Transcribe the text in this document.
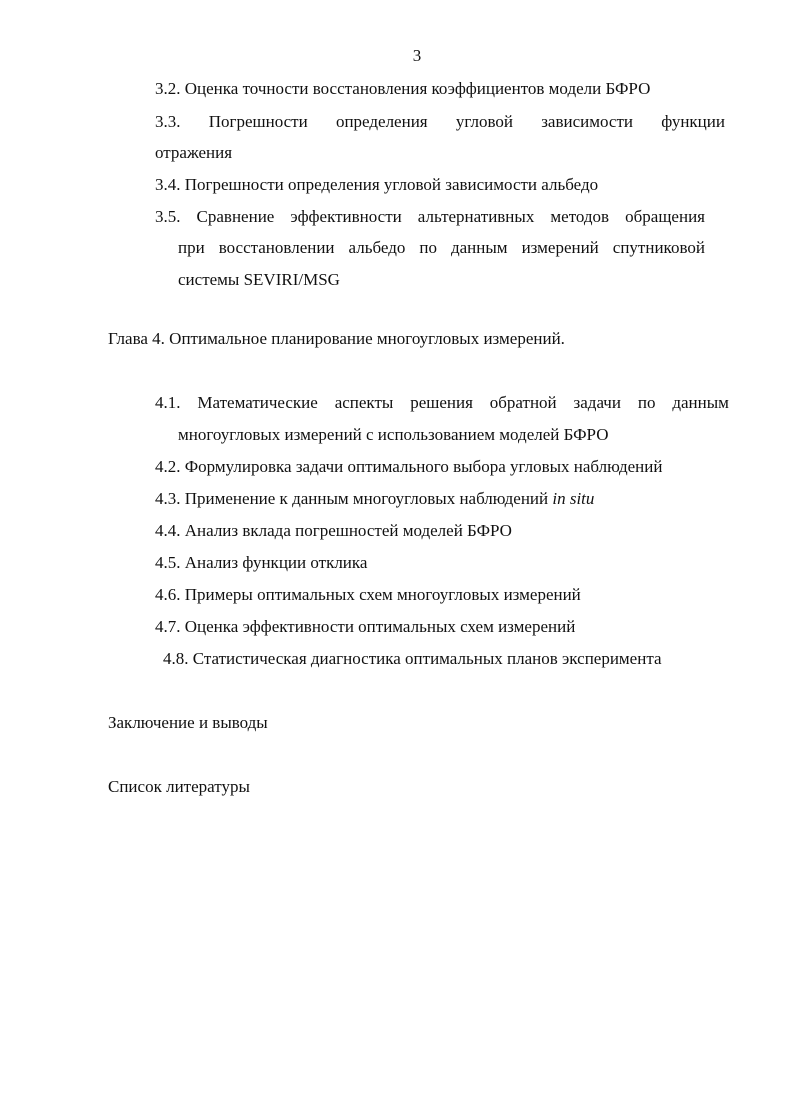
3
3.2. Оценка точности восстановления коэффициентов модели БФРО
3.3. Погрешности определения угловой зависимости функции
отражения
3.4. Погрешности определения угловой зависимости альбедо
3.5. Сравнение эффективности альтернативных методов обращения
при восстановлении альбедо по данным измерений спутниковой
системы SEVIRI/MSG
Глава 4. Оптимальное планирование многоугловых измерений.
4.1. Математические аспекты решения обратной задачи по данным
многоугловых измерений с использованием моделей БФРО
4.2. Формулировка задачи оптимального выбора угловых наблюдений
4.3. Применение к данным многоугловых наблюдений in situ
4.4. Анализ вклада погрешностей моделей БФРО
4.5. Анализ функции отклика
4.6. Примеры оптимальных схем многоугловых измерений
4.7. Оценка эффективности оптимальных схем измерений
4.8. Статистическая диагностика оптимальных планов эксперимента
Заключение и выводы
Список литературы
